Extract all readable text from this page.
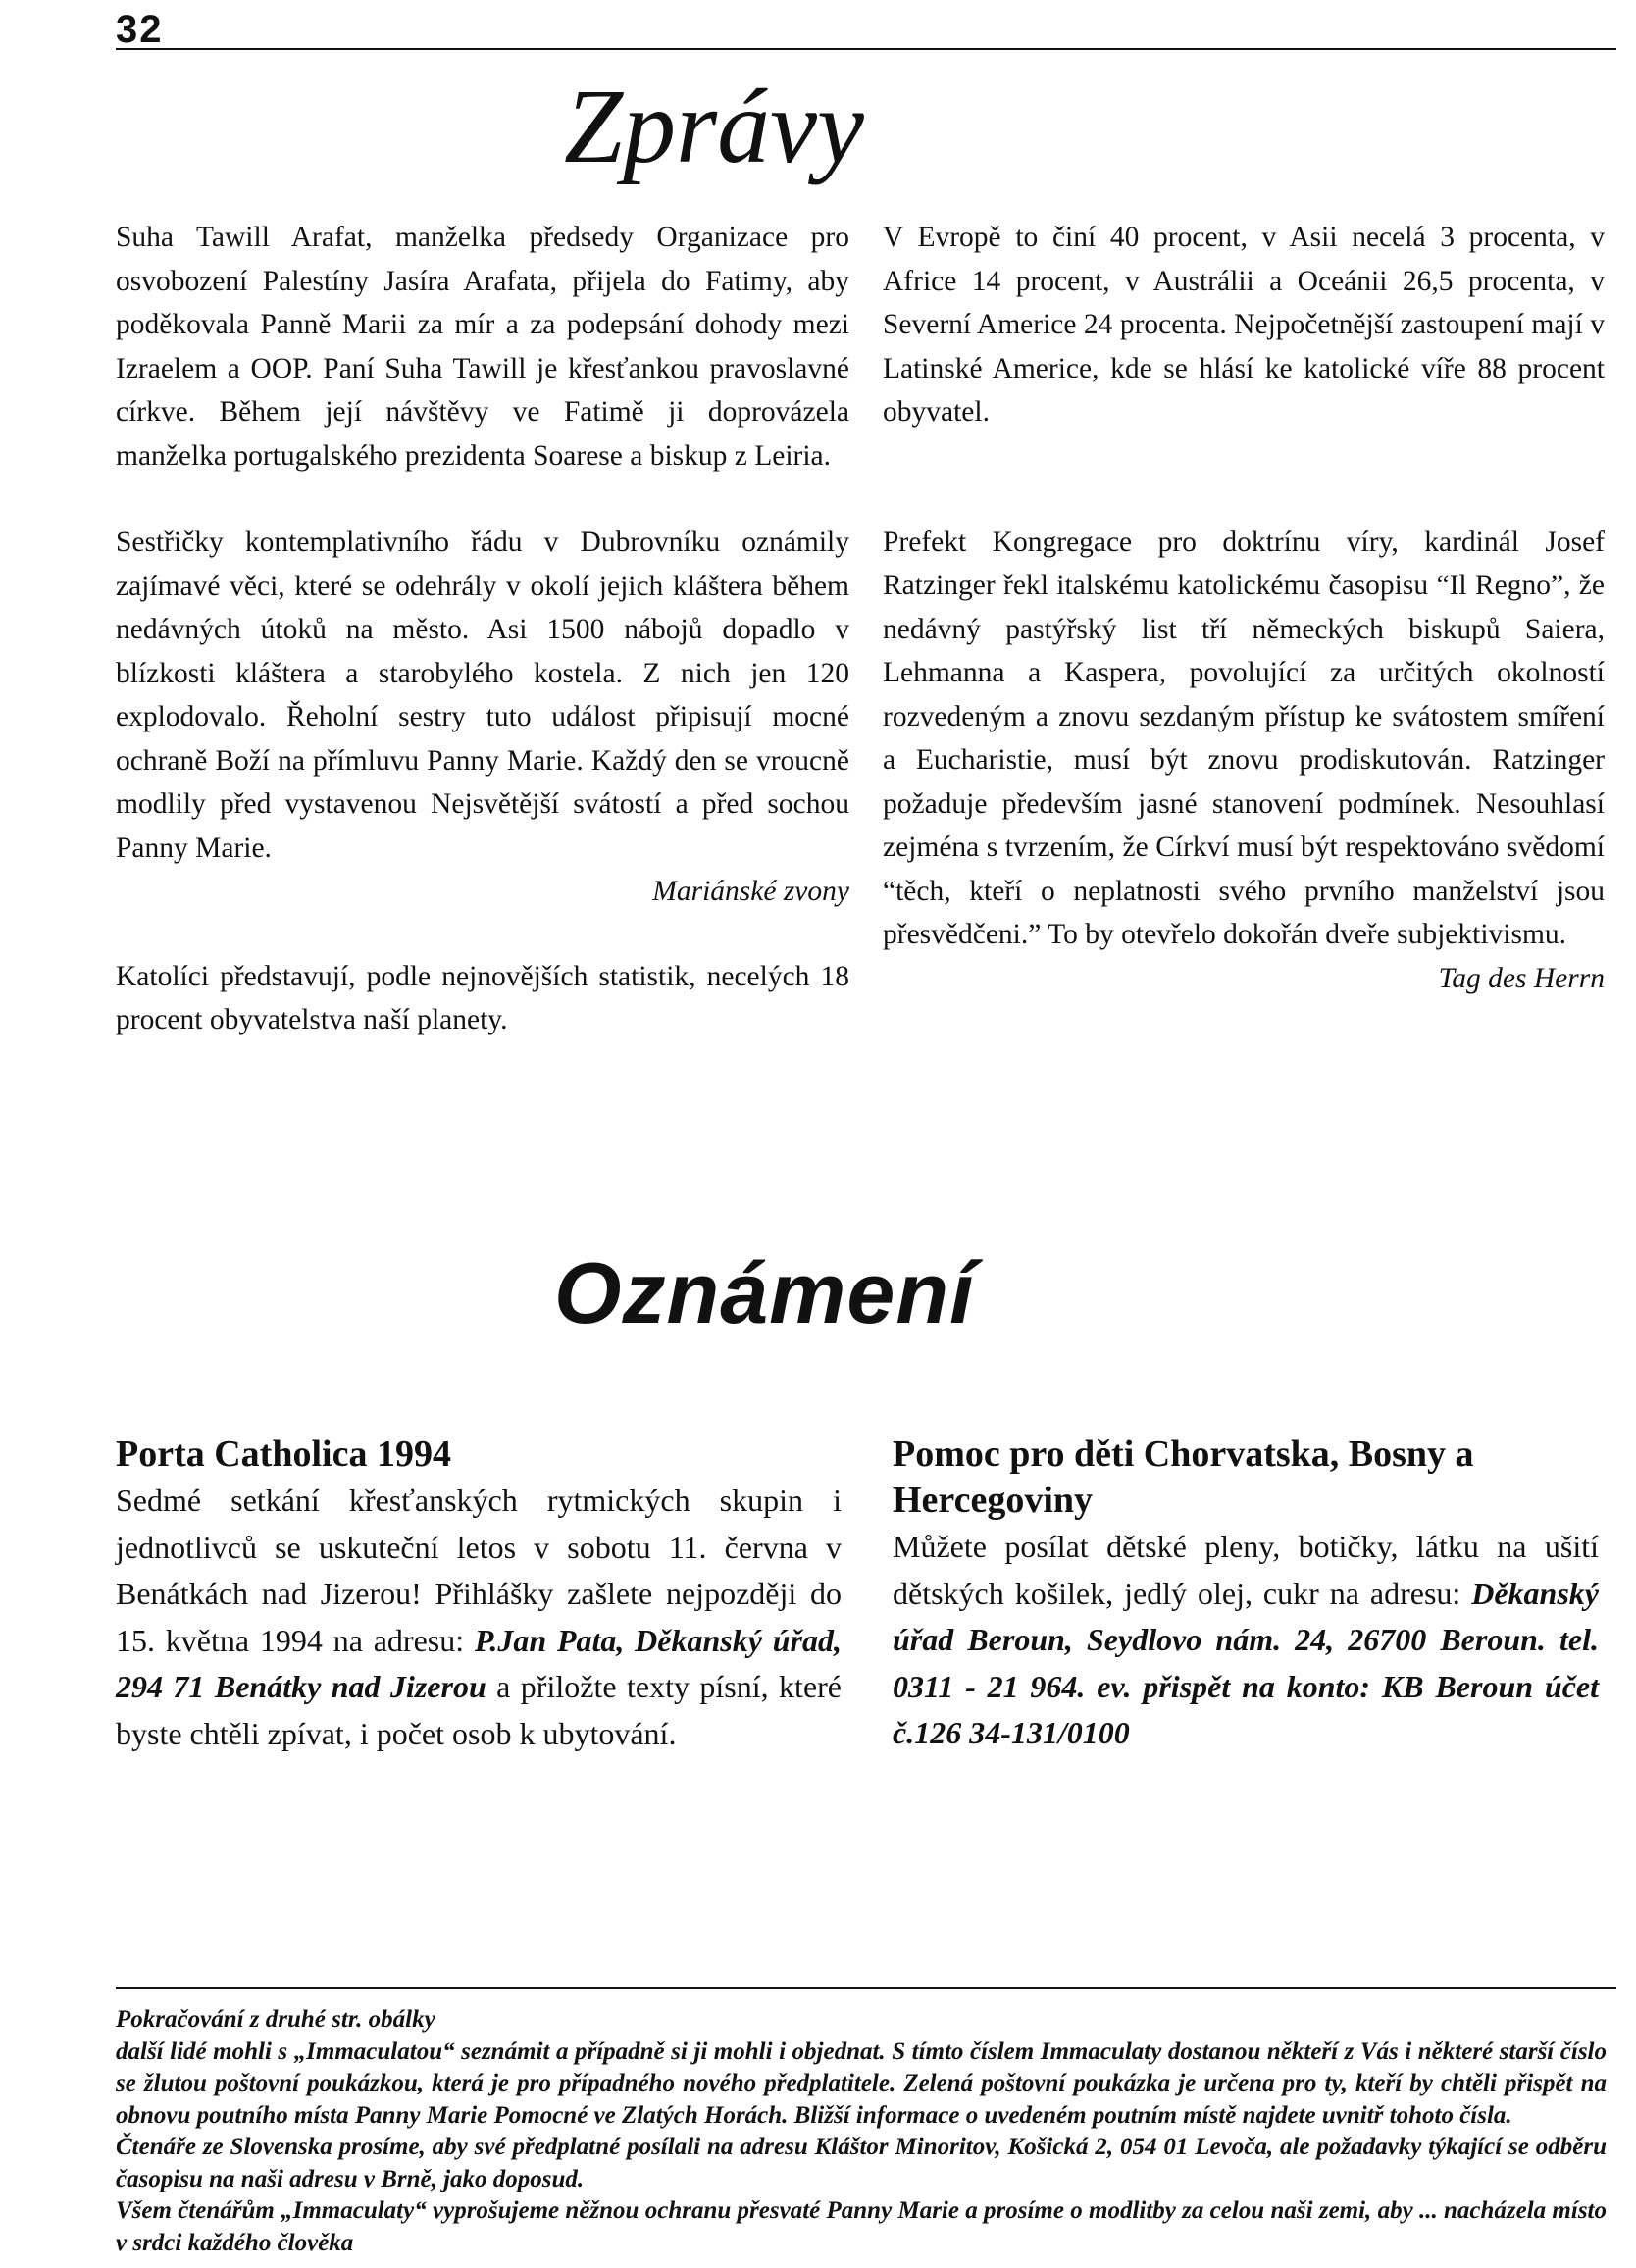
32
Zprávy

Suha Tawill Arafat, manželka předsedy Organizace pro osvobození Palestíny Jasíra Arafata, přijela do Fatimy, aby poděkovala Panně Marii za mír a za podepsání dohody mezi Izraelem a OOP. Paní Suha Tawill je křesťankou pravoslavné církve. Během její návštěvy ve Fatimě ji doprovázela manželka portugalského prezidenta Soarese a biskup z Leiria.

Sestřičky kontemplativního řádu v Dubrovníku oznámily zajímavé věci, které se odehrály v okolí jejich kláštera během nedávných útoků na město. Asi 1500 nábojů dopadlo v blízkosti kláštera a starobylého kostela. Z nich jen 120 explodovalo. Řeholní sestry tuto událost připisují mocné ochraně Boží na přímluvu Panny Marie. Každý den se vroucně modlily před vystavenou Nejsvětější svátostí a před sochou Panny Marie.

Mariánské zvony

Katolíci představují, podle nejnovějších statistik, necelých 18 procent obyvatelstva naší planety.

V Evropě to činí 40 procent, v Asii necelá 3 procenta, v Africe 14 procent, v Austrálii a Oceánii 26,5 procenta, v Severní Americe 24 procenta. Nejpočetnější zastoupení mají v Latinské Americe, kde se hlásí ke katolické víře 88 procent obyvatel.

Prefekt Kongregace pro doktrínu víry, kardinál Josef Ratzinger řekl italskému katolickému časopisu “Il Regno”, že nedávný pastýřský list tří německých biskupů Saiera, Lehmanna a Kaspera, povolující za určitých okolností rozvedeným a znovu sezdaným přístup ke svátostem smíření a Eucharistie, musí být znovu prodiskutován. Ratzinger požaduje především jasné stanovení podmínek. Nesouhlasí zejména s tvrzením, že Církví musí být respektováno svědomí “těch, kteří o neplatnosti svého prvního manželství jsou přesvědčeni.” To by otevřelo dokořán dveře subjektivismu.

Tag des Herrn

Oznámení
Porta Catholica 1994

Sedmé setkání křesťanských rytmických skupin i jednotlivců se uskuteční letos v sobotu 11. června v Benátkách nad Jizerou! Přihlášky zašlete nejpozději do 15. května 1994 na adresu: P.Jan Pata, Děkanský úřad, 294 71 Benátky nad Jizerou a přiložte texty písní, které byste chtěli zpívat, i počet osob k ubytování.

Pomoc pro děti Chorvatska, Bosny a Hercegoviny

Můžete posílat dětské pleny, botičky, látku na ušití dětských košilek, jedlý olej, cukr na adresu: Děkanský úřad Beroun, Seydlovo nám. 24, 26700 Beroun. tel. 0311 - 21 964. ev. přispět na konto: KB Beroun účet č.126 34-131/0100

Pokračování z druhé str. obálky

další lidé mohli s „Immaculatou“ seznámit a případně si ji mohli i objednat. S tímto číslem Immaculaty dostanou někteří z Vás i některé starší číslo se žlutou poštovní poukázkou, která je pro případného nového předplatitele. Zelená poštovní poukázka je určena pro ty, kteří by chtěli přispět na obnovu poutního místa Panny Marie Pomocné ve Zlatých Horách. Bližší informace o uvedeném poutním místě najdete uvnitř tohoto čísla.

Čtenáře ze Slovenska prosíme, aby své předplatné posílali na adresu Kláštor Minoritov, Košická 2, 054 01 Levoča, ale požadavky týkající se odběru časopisu na naši adresu v Brně, jako doposud.

Všem čtenářům „Immaculaty“ vyprošujeme něžnou ochranu přesvaté Panny Marie a prosíme o modlitby za celou naši zemi, aby ... nacházela místo v srdci každého člověka
